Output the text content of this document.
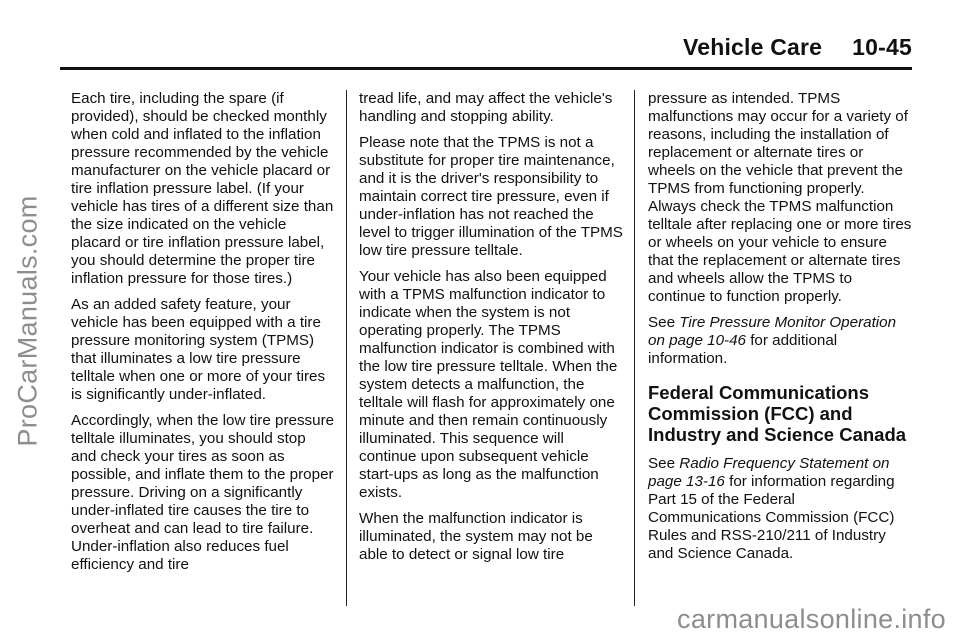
ProCarManuals.com
Vehicle Care 10-45

Each tire, including the spare (if provided), should be checked monthly when cold and inflated to the inflation pressure recommended by the vehicle manufacturer on the vehicle placard or tire inflation pressure label. (If your vehicle has tires of a different size than the size indicated on the vehicle placard or tire inflation pressure label, you should determine the proper tire inflation pressure for those tires.)

As an added safety feature, your vehicle has been equipped with a tire pressure monitoring system (TPMS) that illuminates a low tire pressure telltale when one or more of your tires is significantly under-inflated.

Accordingly, when the low tire pressure telltale illuminates, you should stop and check your tires as soon as possible, and inflate them to the proper pressure. Driving on a significantly under-inflated tire causes the tire to overheat and can lead to tire failure. Under-inflation also reduces fuel efficiency and tire

tread life, and may affect the vehicle's handling and stopping ability.

Please note that the TPMS is not a substitute for proper tire maintenance, and it is the driver's responsibility to maintain correct tire pressure, even if under-inflation has not reached the level to trigger illumination of the TPMS low tire pressure telltale.

Your vehicle has also been equipped with a TPMS malfunction indicator to indicate when the system is not operating properly. The TPMS malfunction indicator is combined with the low tire pressure telltale. When the system detects a malfunction, the telltale will flash for approximately one minute and then remain continuously illuminated. This sequence will continue upon subsequent vehicle start-ups as long as the malfunction exists.

When the malfunction indicator is illuminated, the system may not be able to detect or signal low tire

pressure as intended. TPMS malfunctions may occur for a variety of reasons, including the installation of replacement or alternate tires or wheels on the vehicle that prevent the TPMS from functioning properly. Always check the TPMS malfunction telltale after replacing one or more tires or wheels on your vehicle to ensure that the replacement or alternate tires and wheels allow the TPMS to continue to function properly.

See Tire Pressure Monitor Operation on page 10-46 for additional information.

Federal Communications Commission (FCC) and Industry and Science Canada

See Radio Frequency Statement on page 13-16 for information regarding Part 15 of the Federal Communications Commission (FCC) Rules and RSS-210/211 of Industry and Science Canada.

carmanualsonline.info
